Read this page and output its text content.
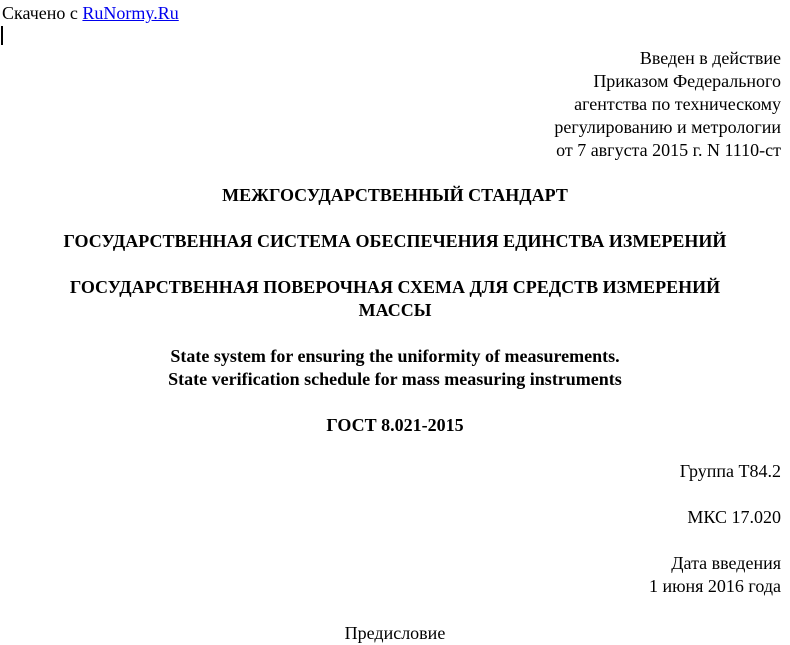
Скачено с RuNormy.Ru
Введен в действие
Приказом Федерального
агентства по техническому
регулированию и метрологии
от 7 августа 2015 г. N 1110-ст
МЕЖГОСУДАРСТВЕННЫЙ СТАНДАРТ
ГОСУДАРСТВЕННАЯ СИСТЕМА ОБЕСПЕЧЕНИЯ ЕДИНСТВА ИЗМЕРЕНИЙ
ГОСУДАРСТВЕННАЯ ПОВЕРОЧНАЯ СХЕМА ДЛЯ СРЕДСТВ ИЗМЕРЕНИЙ
МАССЫ
State system for ensuring the uniformity of measurements.
State verification schedule for mass measuring instruments
ГОСТ 8.021-2015
Группа Т84.2
МКС 17.020
Дата введения
1 июня 2016 года
Предисловие
